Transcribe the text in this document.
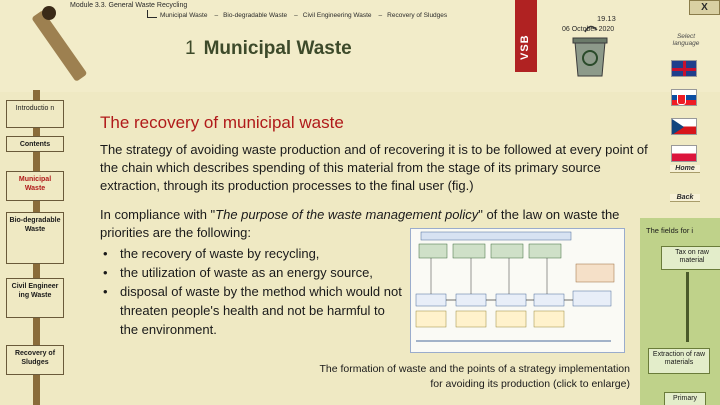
Module 3.3. General Waste Recycling
Municipal Waste – Bio-degradable Waste – Civil Engineering Waste – Recovery of Sludges
1 Municipal Waste	VSB
19.13
06 October 2020
X
Select language
Home
Back
Introductio n
Contents
Municipal Waste
Bio-degradable Waste
Civil Engineer ing Waste
Recovery of Sludges
The recovery of municipal waste
The strategy of avoiding waste production and of recovering it is to be followed at every point of the chain which describes spending of this material from the stage of its primary source extraction, through its production processes to the final user (fig.)
In compliance with "The purpose of the waste management policy" of the law on waste the priorities are the following:
• the recovery of waste by recycling,
• the utilization of waste as an energy source,
• disposal of waste by the method which would not threaten people's health and not be harmful to the environment.
The formation of waste and the points of a strategy implementation
for avoiding its production (click to enlarge)
The fields for i
Tax on raw material
Extraction of raw materials
Primary
